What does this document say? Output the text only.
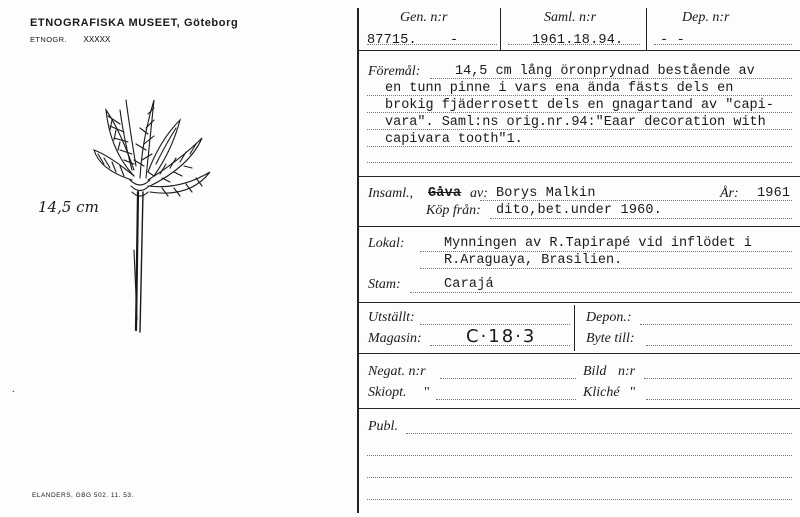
ETNOGRAFISKA MUSEET, Göteborg
ETNOGR. XXXXX
14,5 cm
.
ELANDERS, GBG 502. 11. 53.
Gen. n:r
87715. -
Saml. n:r
1961.18.94.
Dep. n:r
- -
Föremål:	14,5 cm lång öronprydnad bestående av
en tunn pinne i vars ena ända fästs dels en
brokig fjäderrosett dels en gnagartand av "capi-
vara". Saml:ns orig.nr.94:"Eaar decoration with
capivara tooth"1.
Insaml., Gåva av: Borys Malkin	År: 1961
Köp från: dito,bet.under 1960.
Lokal:	Mynningen av R.Tapirapé vid inflödet i
R.Araguaya, Brasilien.
Stam:	Carajá
Utställt:
Magasin: C·18·3
Depon.:
Byte till:
Negat. n:r
Skiopt. "
Bild n:r
Kliché "
Publ.
